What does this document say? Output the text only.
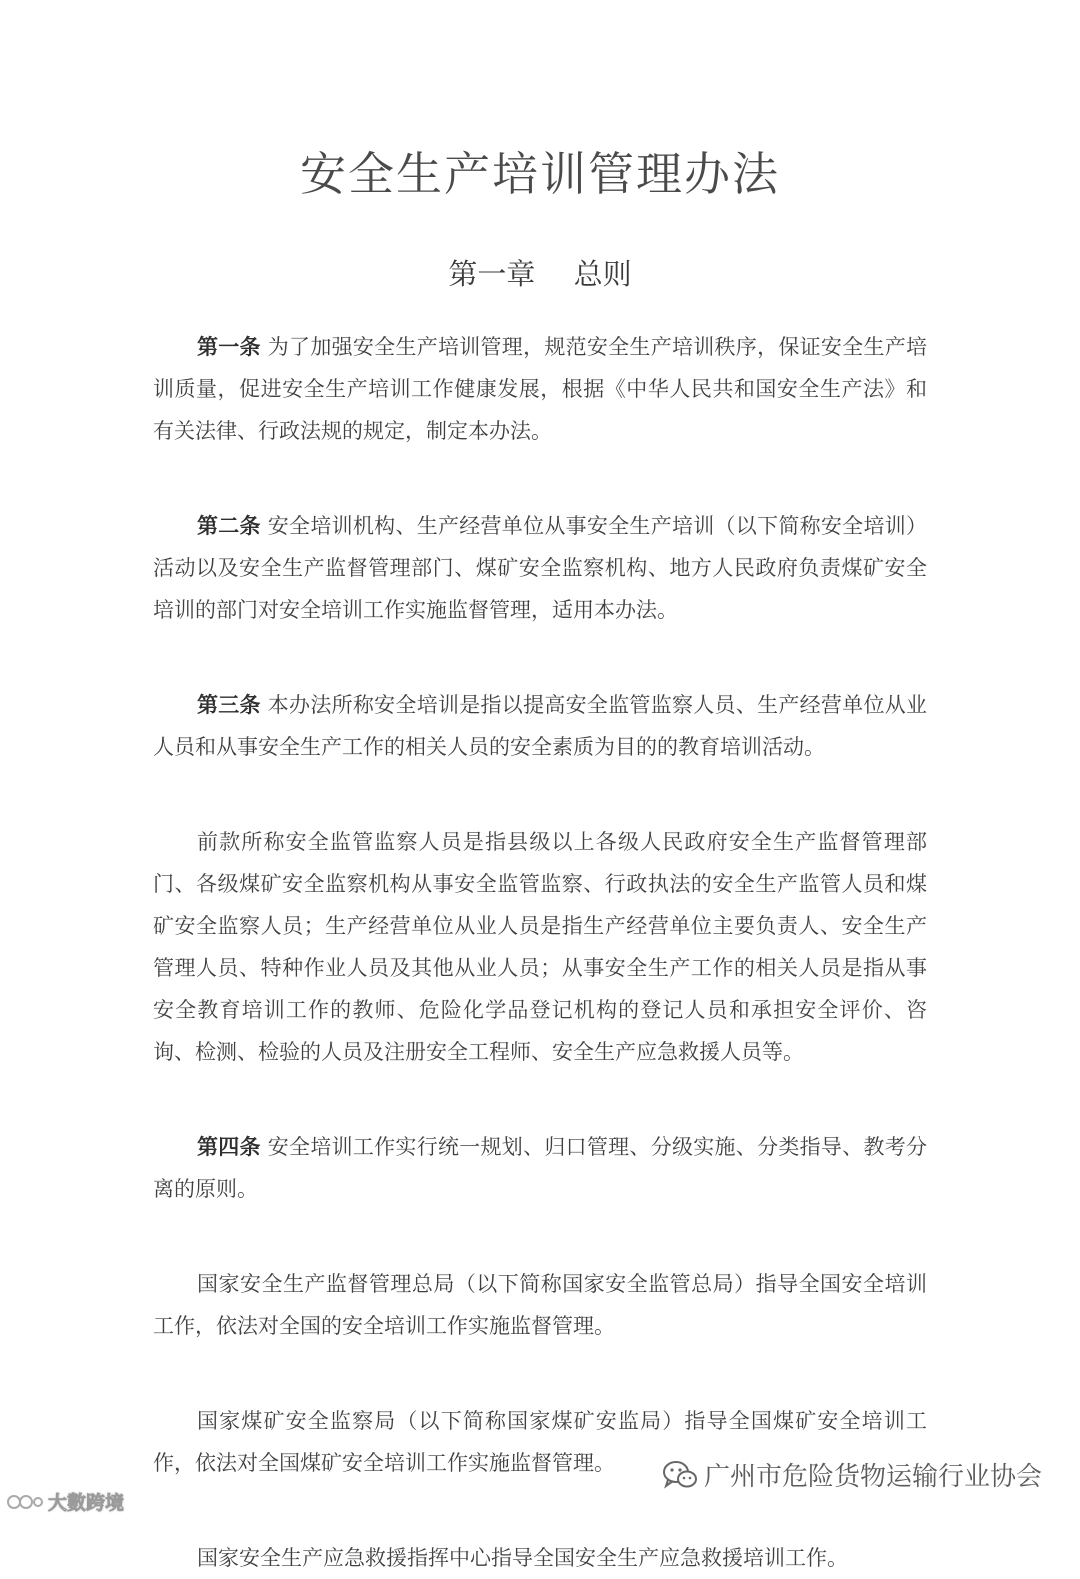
安全生产培训管理办法
第一章　 总则

第一条 为了加强安全生产培训管理，规范安全生产培训秩序，保证安全生产培训质量，促进安全生产培训工作健康发展，根据《中华人民共和国安全生产法》和有关法律、行政法规的规定，制定本办法。

第二条 安全培训机构、生产经营单位从事安全生产培训（以下简称安全培训）活动以及安全生产监督管理部门、煤矿安全监察机构、地方人民政府负责煤矿安全培训的部门对安全培训工作实施监督管理，适用本办法。

第三条 本办法所称安全培训是指以提高安全监管监察人员、生产经营单位从业人员和从事安全生产工作的相关人员的安全素质为目的的教育培训活动。

前款所称安全监管监察人员是指县级以上各级人民政府安全生产监督管理部门、各级煤矿安全监察机构从事安全监管监察、行政执法的安全生产监管人员和煤矿安全监察人员；生产经营单位从业人员是指生产经营单位主要负责人、安全生产管理人员、特种作业人员及其他从业人员；从事安全生产工作的相关人员是指从事安全教育培训工作的教师、危险化学品登记机构的登记人员和承担安全评价、咨询、检测、检验的人员及注册安全工程师、安全生产应急救援人员等。

第四条 安全培训工作实行统一规划、归口管理、分级实施、分类指导、教考分离的原则。

国家安全生产监督管理总局（以下简称国家安全监管总局）指导全国安全培训工作，依法对全国的安全培训工作实施监督管理。

国家煤矿安全监察局（以下简称国家煤矿安监局）指导全国煤矿安全培训工作，依法对全国煤矿安全培训工作实施监督管理。

国家安全生产应急救援指挥中心指导全国安全生产应急救援培训工作。

广州市危险货物运输行业协会
大數跨境
